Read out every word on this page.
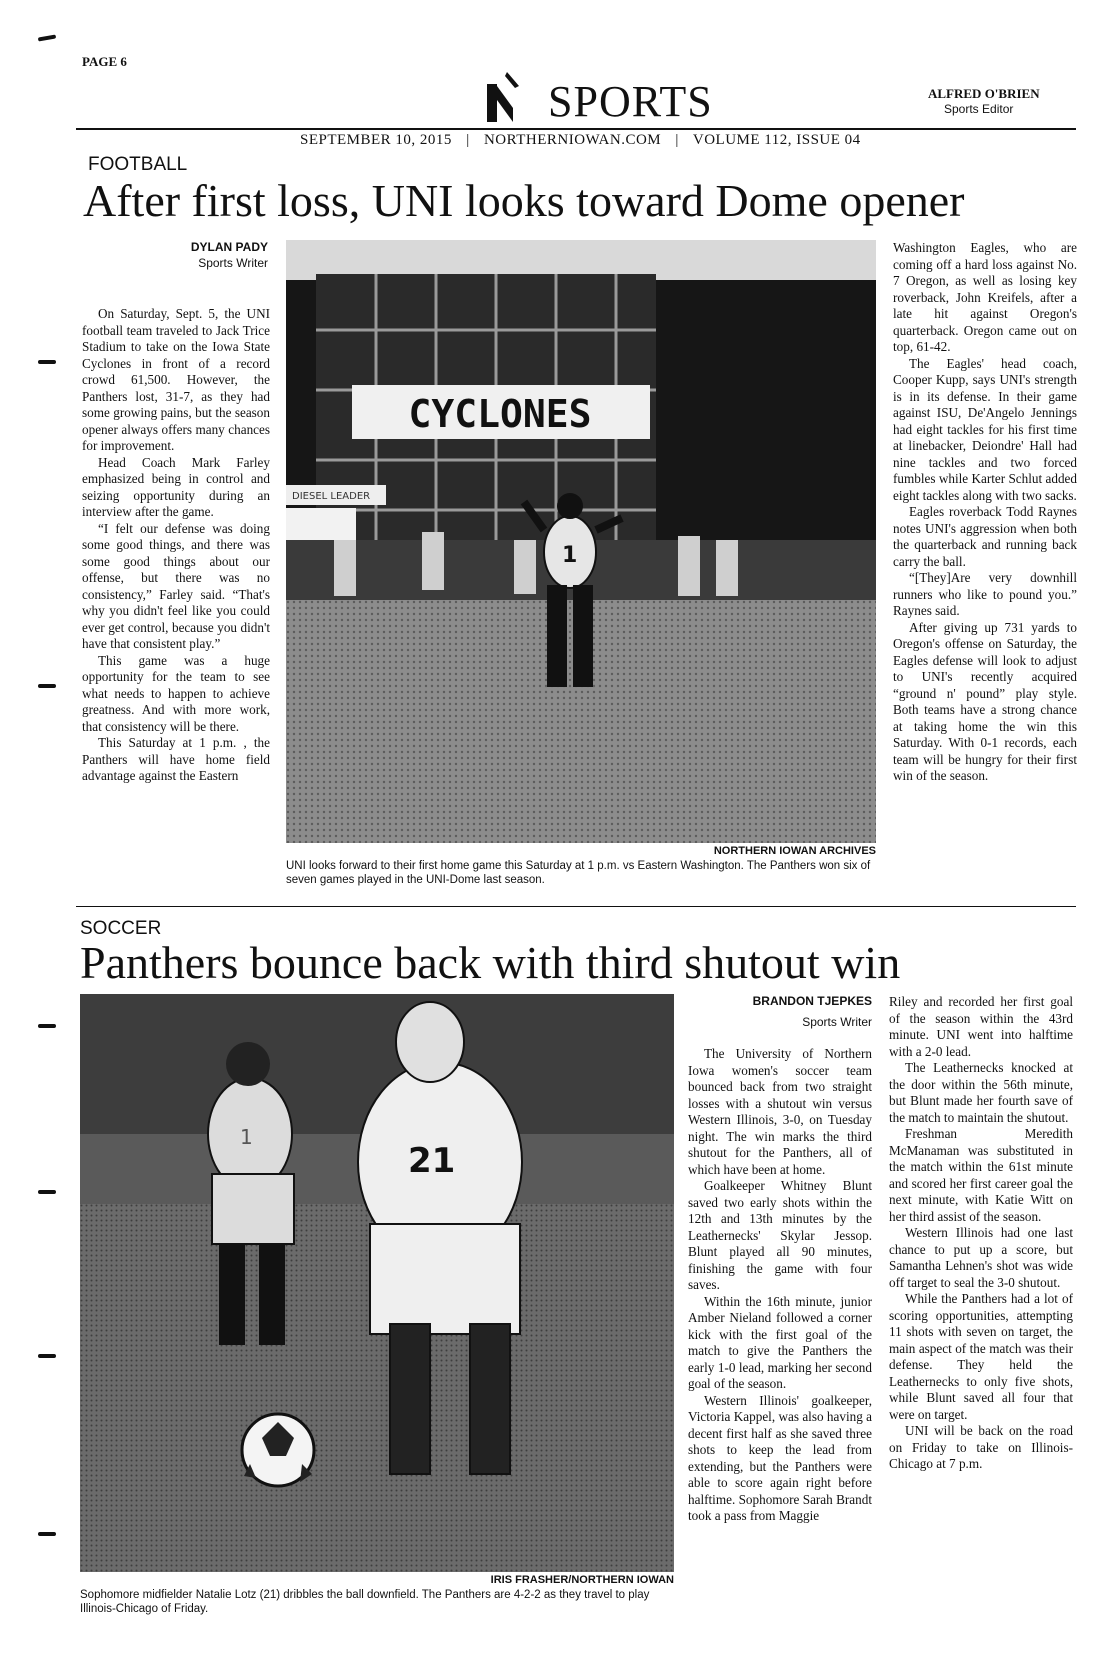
PAGE 6
SPORTS	ALFRED O'BRIEN
Sports Editor
SEPTEMBER 10, 2015 | NORTHERNIOWAN.COM | VOLUME 112, ISSUE 04
FOOTBALL
After first loss, UNI looks toward Dome opener
DYLAN PADY
Sports Writer

On Saturday, Sept. 5, the UNI football team traveled to Jack Trice Stadium to take on the Iowa State Cyclones in front of a record crowd 61,500. However, the Panthers lost, 31-7, as they had some growing pains, but the season opener always offers many chances for improvement.

Head Coach Mark Farley emphasized being in control and seizing opportunity during an interview after the game.

“I felt our defense was doing some good things, and there was some good things about our offense, but there was no consistency,” Farley said. “That's why you didn't feel like you could ever get control, because you didn't have that consistent play.”

This game was a huge opportunity for the team to see what needs to happen to achieve greatness. And with more work, that consistency will be there.

This Saturday at 1 p.m. , the Panthers will have home field advantage against the Eastern

CYCLONES
DIESEL LEADER
1
NORTHERN IOWAN ARCHIVES
UNI looks forward to their first home game this Saturday at 1 p.m. vs Eastern Washington. The Panthers won six of seven games played in the UNI-Dome last season.

Washington Eagles, who are coming off a hard loss against No. 7 Oregon, as well as losing key roverback, John Kreifels, after a late hit against Oregon's quarterback. Oregon came out on top, 61-42.

The Eagles' head coach, Cooper Kupp, says UNI's strength is in its defense. In their game against ISU, De'Angelo Jennings had eight tackles for his first time at linebacker, Deiondre' Hall had nine tackles and two forced fumbles while Karter Schlut added eight tackles along with two sacks.

Eagles roverback Todd Raynes notes UNI's aggression when both the quarterback and running back carry the ball.

“[They]Are very downhill runners who like to pound you.” Raynes said.

After giving up 731 yards to Oregon's offense on Saturday, the Eagles defense will look to adjust to UNI's recently acquired “ground n' pound” play style. Both teams have a strong chance at taking home the win this Saturday. With 0-1 records, each team will be hungry for their first win of the season.

SOCCER
Panthers bounce back with third shutout win
1
21
IRIS FRASHER/NORTHERN IOWAN
Sophomore midfielder Natalie Lotz (21) dribbles the ball downfield. The Panthers are 4-2-2 as they travel to play Illinois-Chicago of Friday.
BRANDON TJEPKES
Sports Writer

The University of Northern Iowa women's soccer team bounced back from two straight losses with a shutout win versus Western Illinois, 3-0, on Tuesday night. The win marks the third shutout for the Panthers, all of which have been at home.

Goalkeeper Whitney Blunt saved two early shots within the 12th and 13th minutes by the Leathernecks' Skylar Jessop. Blunt played all 90 minutes, finishing the game with four saves.

Within the 16th minute, junior Amber Nieland followed a corner kick with the first goal of the match to give the Panthers the early 1-0 lead, marking her second goal of the season.

Western Illinois' goalkeeper, Victoria Kappel, was also having a decent first half as she saved three shots to keep the lead from extending, but the Panthers were able to score again right before halftime. Sophomore Sarah Brandt took a pass from Maggie

Riley and recorded her first goal of the season within the 43rd minute. UNI went into halftime with a 2-0 lead.

The Leathernecks knocked at the door within the 56th minute, but Blunt made her fourth save of the match to maintain the shutout.

Freshman Meredith McManaman was substituted in the match within the 61st minute and scored her first career goal the next minute, with Katie Witt on her third assist of the season.

Western Illinois had one last chance to put up a score, but Samantha Lehnen's shot was wide off target to seal the 3-0 shutout.

While the Panthers had a lot of scoring opportunities, attempting 11 shots with seven on target, the main aspect of the match was their defense. They held the Leathernecks to only five shots, while Blunt saved all four that were on target.

UNI will be back on the road on Friday to take on Illinois-Chicago at 7 p.m.
